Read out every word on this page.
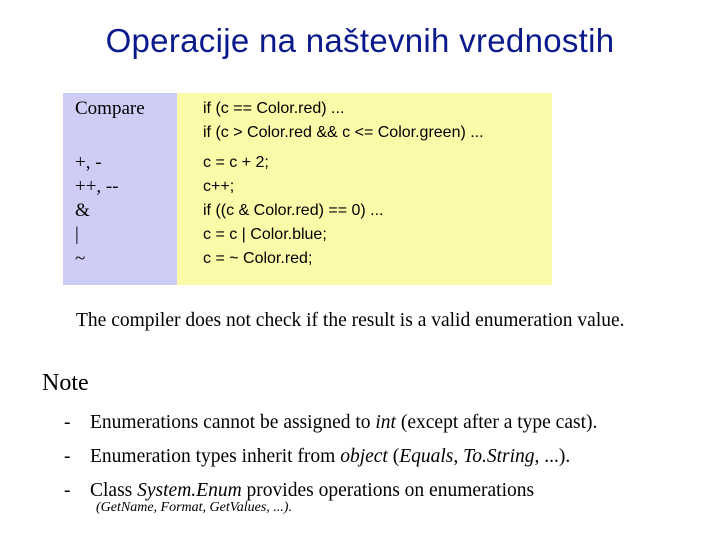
Operacije na naštevnih vrednostih
Compare
+, -
++, --
&
|
~
if (c == Color.red) ...
if (c > Color.red && c <= Color.green) ...
c = c + 2;
c++;
if ((c & Color.red) == 0) ...
c = c | Color.blue;
c = ~ Color.red;
The compiler does not check if the result is a valid enumeration value.
Note
- Enumerations cannot be assigned to int (except after a type cast).
- Enumeration types inherit from object (Equals, To.String, ...).
- Class System.Enum provides operations on enumerations
(GetName, Format, GetValues, ...).
